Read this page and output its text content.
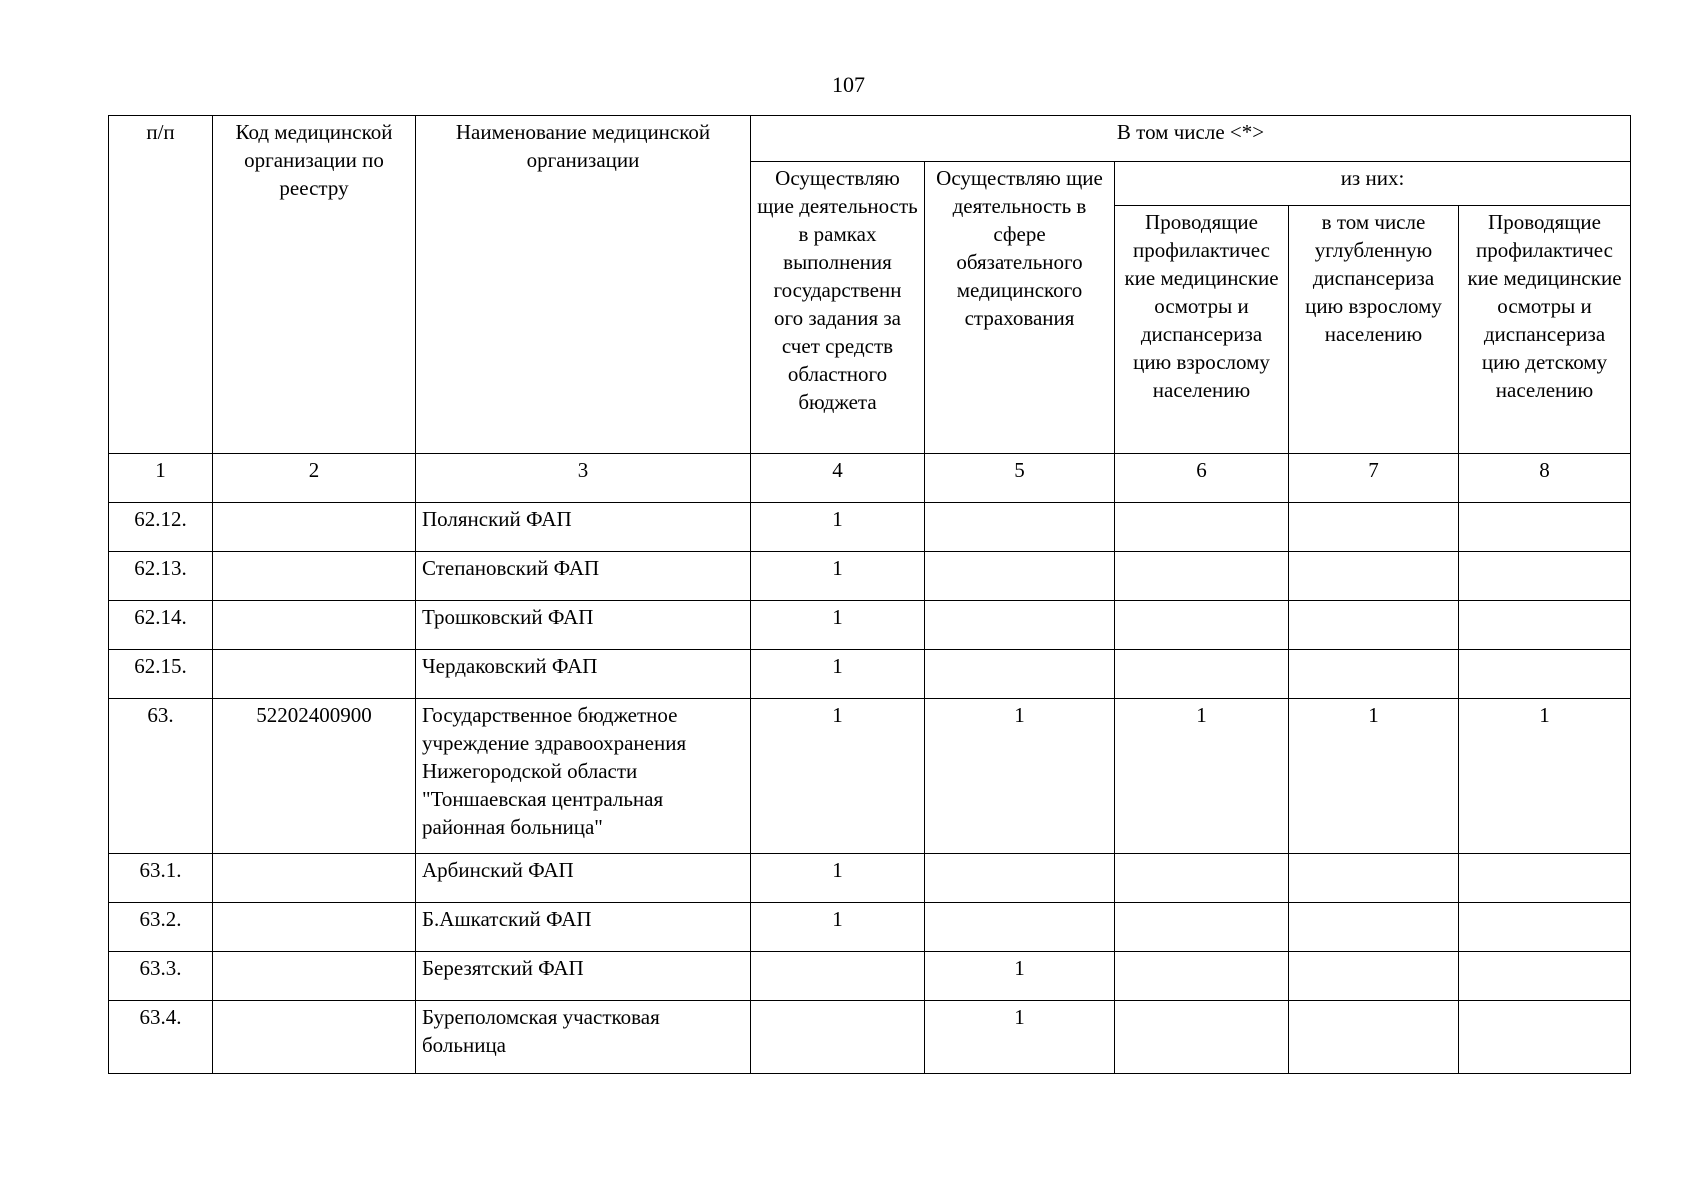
107
п/п	Код медицинской организации по реестру	Наименование медицинской организации	В том числе <*>				
			Осуществляю щие деятельность в рамках выполнения государственн ого задания за счет средств областного бюджета	Осуществляю щие деятельность в сфере обязательного медицинского страхования	из них:		
					Проводящие профилактичес кие медицинские осмотры и диспансериза цию взрослому населению	в том числе углубленную диспансериза цию взрослому населению	Проводящие профилактичес кие медицинские осмотры и диспансериза цию детскому населению
1	2	3	4	5	6	7	8
62.12.		Полянский ФАП	1				
62.13.		Степановский ФАП	1				
62.14.		Трошковский ФАП	1				
62.15.		Чердаковский ФАП	1				
63.	52202400900	Государственное бюджетное учреждение здравоохранения Нижегородской области "Тоншаевская центральная районная больница"	1	1	1	1	1
63.1.		Арбинский ФАП	1				
63.2.		Б.Ашкатский ФАП	1				
63.3.		Березятский ФАП		1			
63.4.		Буреполомская участковая больница		1			
